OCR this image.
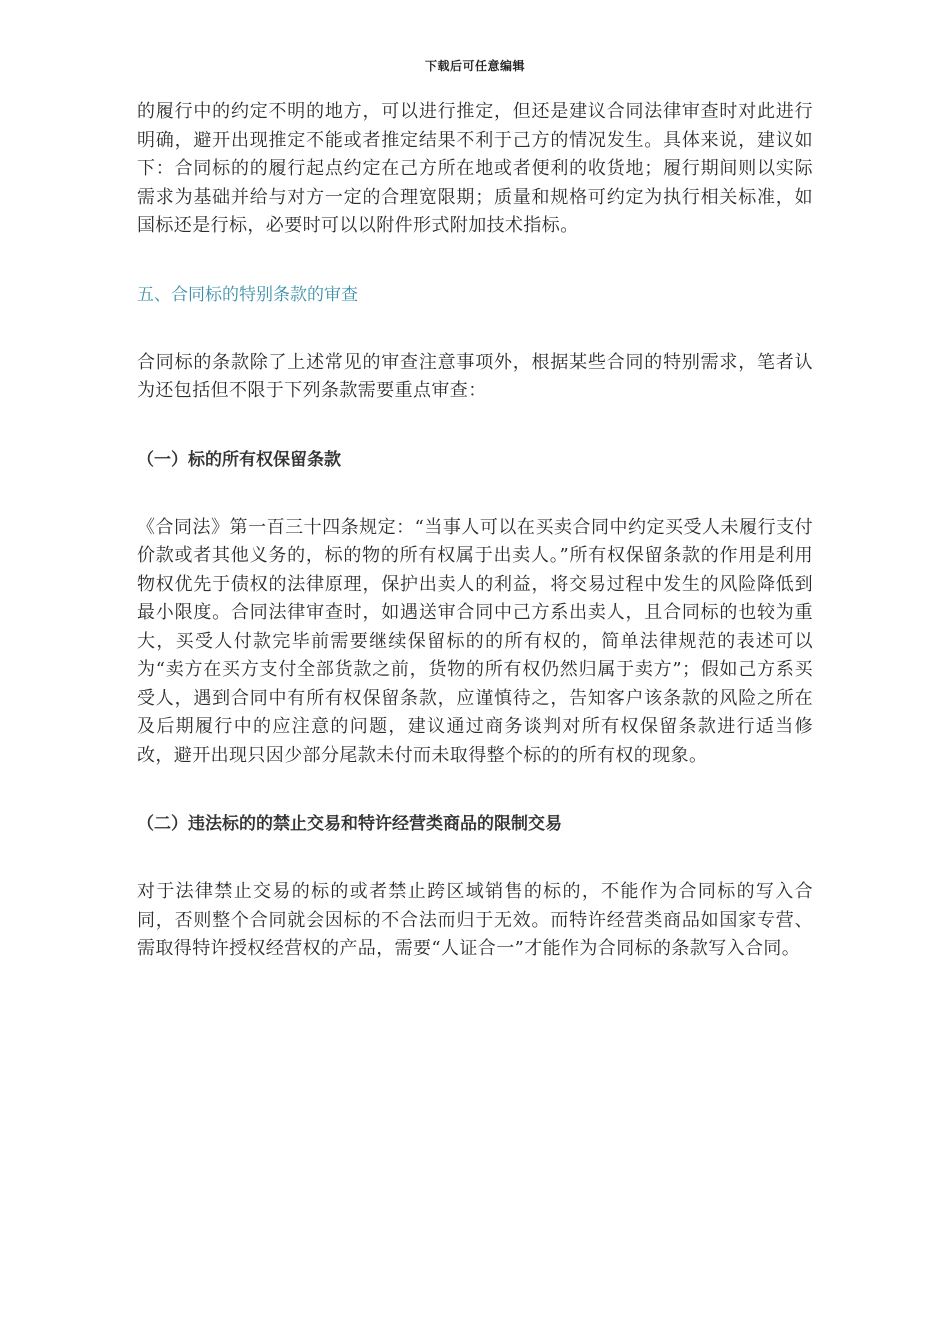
下载后可任意编辑

的履行中的约定不明的地方，可以进行推定，但还是建议合同法律审查时对此进行明确，避开出现推定不能或者推定结果不利于己方的情况发生。具体来说，建议如下：合同标的的履行起点约定在己方所在地或者便利的收货地；履行期间则以实际需求为基础并给与对方一定的合理宽限期；质量和规格可约定为执行相关标准，如国标还是行标，必要时可以以附件形式附加技术指标。

五、合同标的特别条款的审查

合同标的条款除了上述常见的审查注意事项外，根据某些合同的特别需求，笔者认为还包括但不限于下列条款需要重点审查：

（一）标的所有权保留条款

《合同法》第一百三十四条规定：“当事人可以在买卖合同中约定买受人未履行支付价款或者其他义务的，标的物的所有权属于出卖人。”所有权保留条款的作用是利用物权优先于债权的法律原理，保护出卖人的利益，将交易过程中发生的风险降低到最小限度。合同法律审查时，如遇送审合同中己方系出卖人，且合同标的也较为重大，买受人付款完毕前需要继续保留标的的所有权的，简单法律规范的表述可以为“卖方在买方支付全部货款之前，货物的所有权仍然归属于卖方”；假如己方系买受人，遇到合同中有所有权保留条款，应谨慎待之，告知客户该条款的风险之所在及后期履行中的应注意的问题，建议通过商务谈判对所有权保留条款进行适当修改，避开出现只因少部分尾款未付而未取得整个标的的所有权的现象。

（二）违法标的的禁止交易和特许经营类商品的限制交易

对于法律禁止交易的标的或者禁止跨区域销售的标的，不能作为合同标的写入合同，否则整个合同就会因标的不合法而归于无效。而特许经营类商品如国家专营、需取得特许授权经营权的产品，需要“人证合一”才能作为合同标的条款写入合同。
